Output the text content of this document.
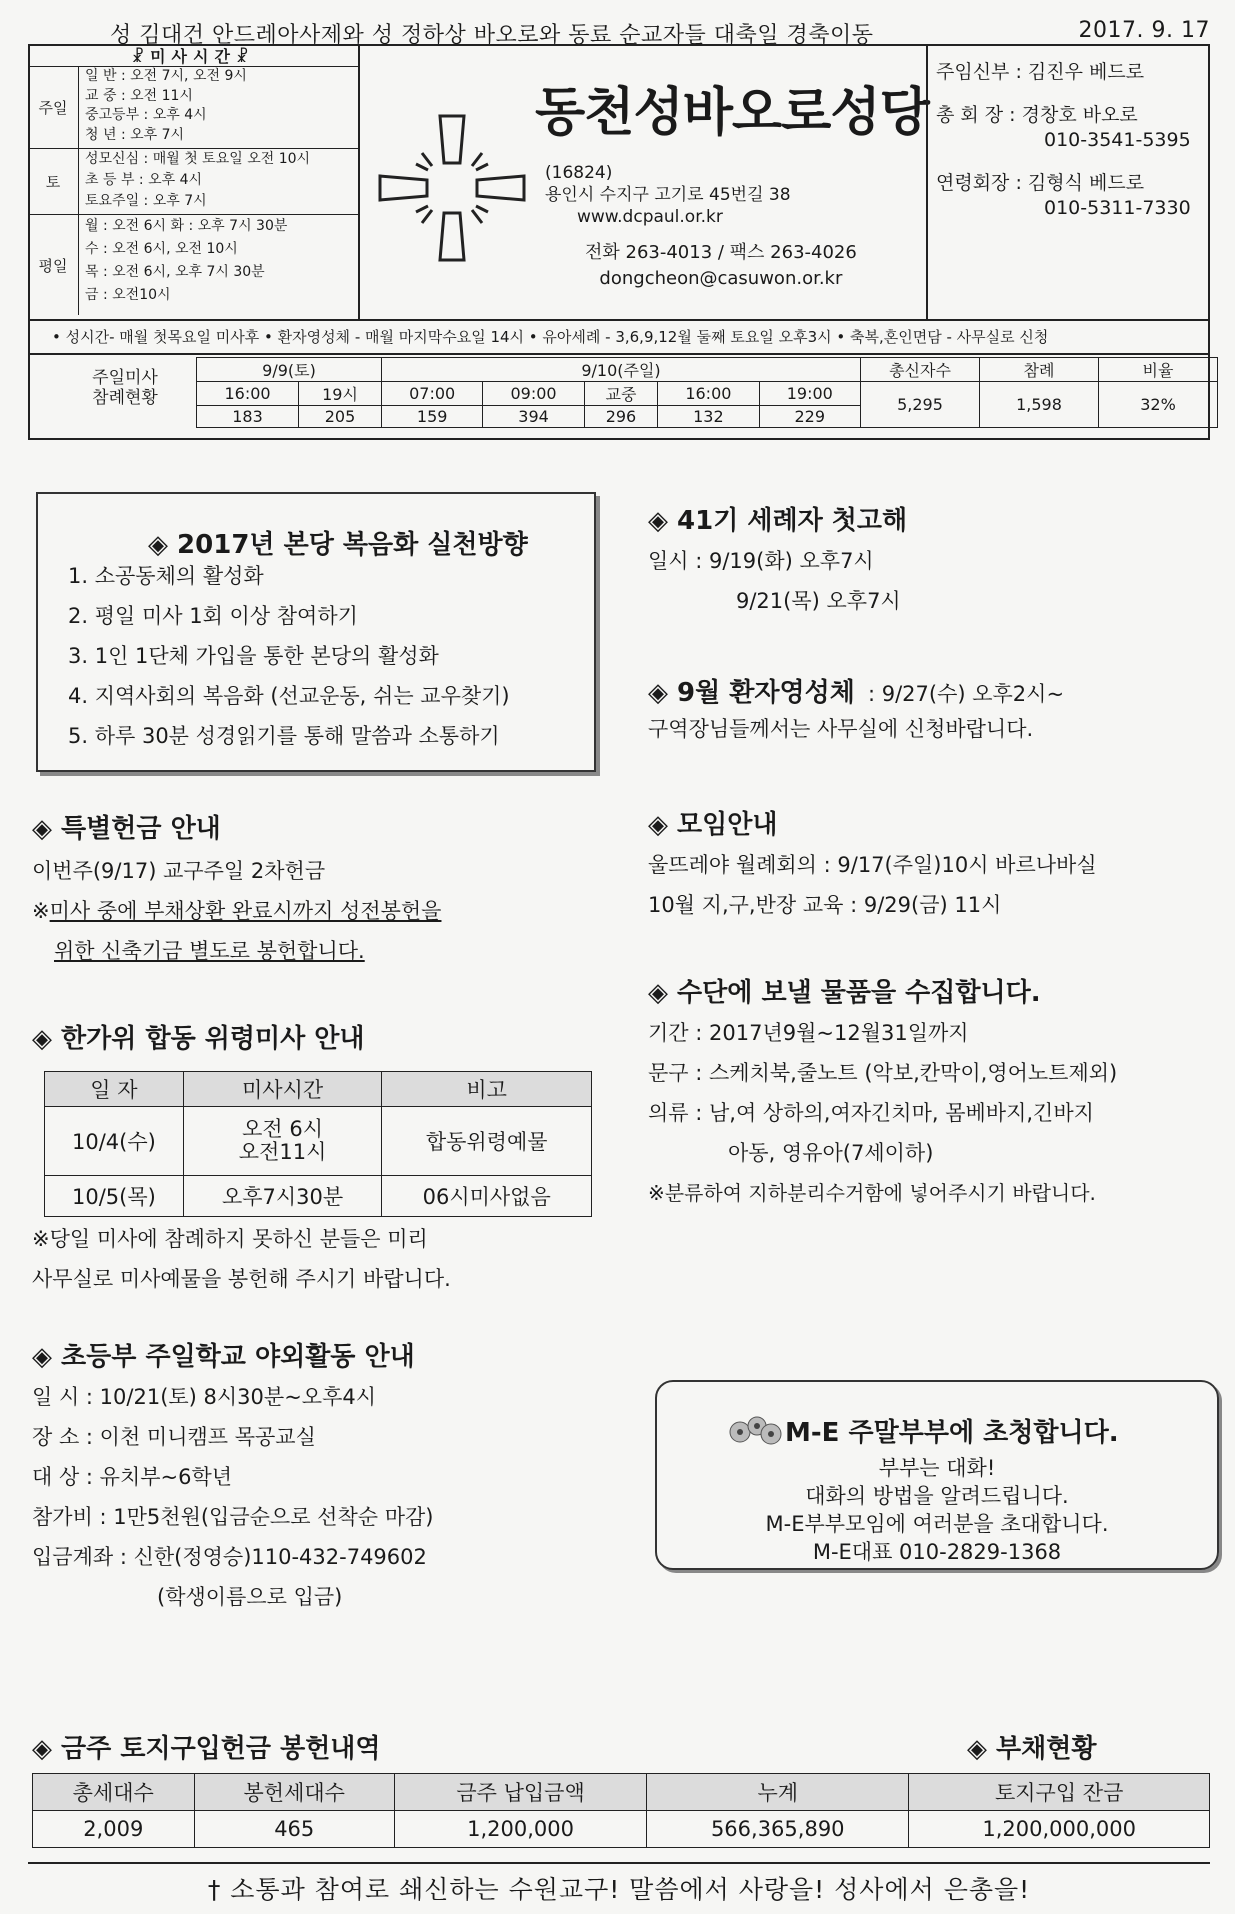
성 김대건 안드레아사제와 성 정하상 바오로와 동료 순교자들 대축일 경축이동	2017. 9. 17
☧미사시간☧
주일
일 반 : 오전 7시, 오전 9시
교 중 : 오전 11시
중고등부 : 오후 4시
청 년 : 오후 7시
토
성모신심 : 매월 첫 토요일 오전 10시
초 등 부 : 오후 4시
토요주일 : 오후 7시
평일
월 : 오전 6시 화 : 오후 7시 30분
수 : 오전 6시, 오전 10시
목 : 오전 6시, 오후 7시 30분
금 : 오전10시
동천성바오로성당
(16824)
용인시 수지구 고기로 45번길 38
www.dcpaul.or.kr
전화 263-4013 / 팩스 263-4026
dongcheon@casuwon.or.kr
주임신부 : 김진우 베드로
총 회 장 : 경창호 바오로
010-3541-5395
연령회장 : 김형식 베드로
010-5311-7330
• 성시간- 매월 첫목요일 미사후 • 환자영성체 - 매월 마지막수요일 14시 • 유아세례 - 3,6,9,12월 둘째 토요일 오후3시 • 축복,혼인면담 - 사무실로 신청
주일미사
참례현황
9/9(토)		9/10(주일)					총신자수	참례	비율
16:00	19시	07:00	09:00	교중	16:00	19:00	5,295	1,598	32%
183	205	159	394	296	132	229			
◈ 2017년 본당 복음화 실천방향
1. 소공동체의 활성화
2. 평일 미사 1회 이상 참여하기
3. 1인 1단체 가입을 통한 본당의 활성화
4. 지역사회의 복음화 (선교운동, 쉬는 교우찾기)
5. 하루 30분 성경읽기를 통해 말씀과 소통하기
◈ 특별헌금 안내
이번주(9/17) 교구주일 2차헌금
※미사 중에 부채상환 완료시까지 성전봉헌을
위한 신축기금 별도로 봉헌합니다.
◈ 한가위 합동 위령미사 안내
일 자	미사시간	비고
10/4(수)	오전 6시
오전11시	합동위령예물
10/5(목)	오후7시30분	06시미사없음
※당일 미사에 참례하지 못하신 분들은 미리
사무실로 미사예물을 봉헌해 주시기 바랍니다.
◈ 초등부 주일학교 야외활동 안내
일 시 : 10/21(토) 8시30분~오후4시
장 소 : 이천 미니캠프 목공교실
대 상 : 유치부~6학년
참가비 : 1만5천원(입금순으로 선착순 마감)
입금계좌 : 신한(정영승)110-432-749602
(학생이름으로 입금)
◈ 41기 세례자 첫고해
일시 : 9/19(화) 오후7시
9/21(목) 오후7시
◈ 9월 환자영성체 : 9/27(수) 오후2시~
구역장님들께서는 사무실에 신청바랍니다.
◈ 모임안내
울뜨레야 월례회의 : 9/17(주일)10시 바르나바실
10월 지,구,반장 교육 : 9/29(금) 11시
◈ 수단에 보낼 물품을 수집합니다.
기간 : 2017년9월~12월31일까지
문구 : 스케치북,줄노트 (악보,칸막이,영어노트제외)
의류 : 남,여 상하의,여자긴치마, 몸베바지,긴바지
아동, 영유아(7세이하)
※분류하여 지하분리수거함에 넣어주시기 바랍니다.
M-E 주말부부에 초청합니다.
부부는 대화!
대화의 방법을 알려드립니다.
M-E부부모임에 여러분을 초대합니다.
M-E대표 010-2829-1368
◈ 금주 토지구입헌금 봉헌내역	◈ 부채현황
총세대수	봉헌세대수	금주 납입금액	누계	토지구입 잔금
2,009	465	1,200,000	566,365,890	1,200,000,000
† 소통과 참여로 쇄신하는 수원교구! 말씀에서 사랑을! 성사에서 은총을!
